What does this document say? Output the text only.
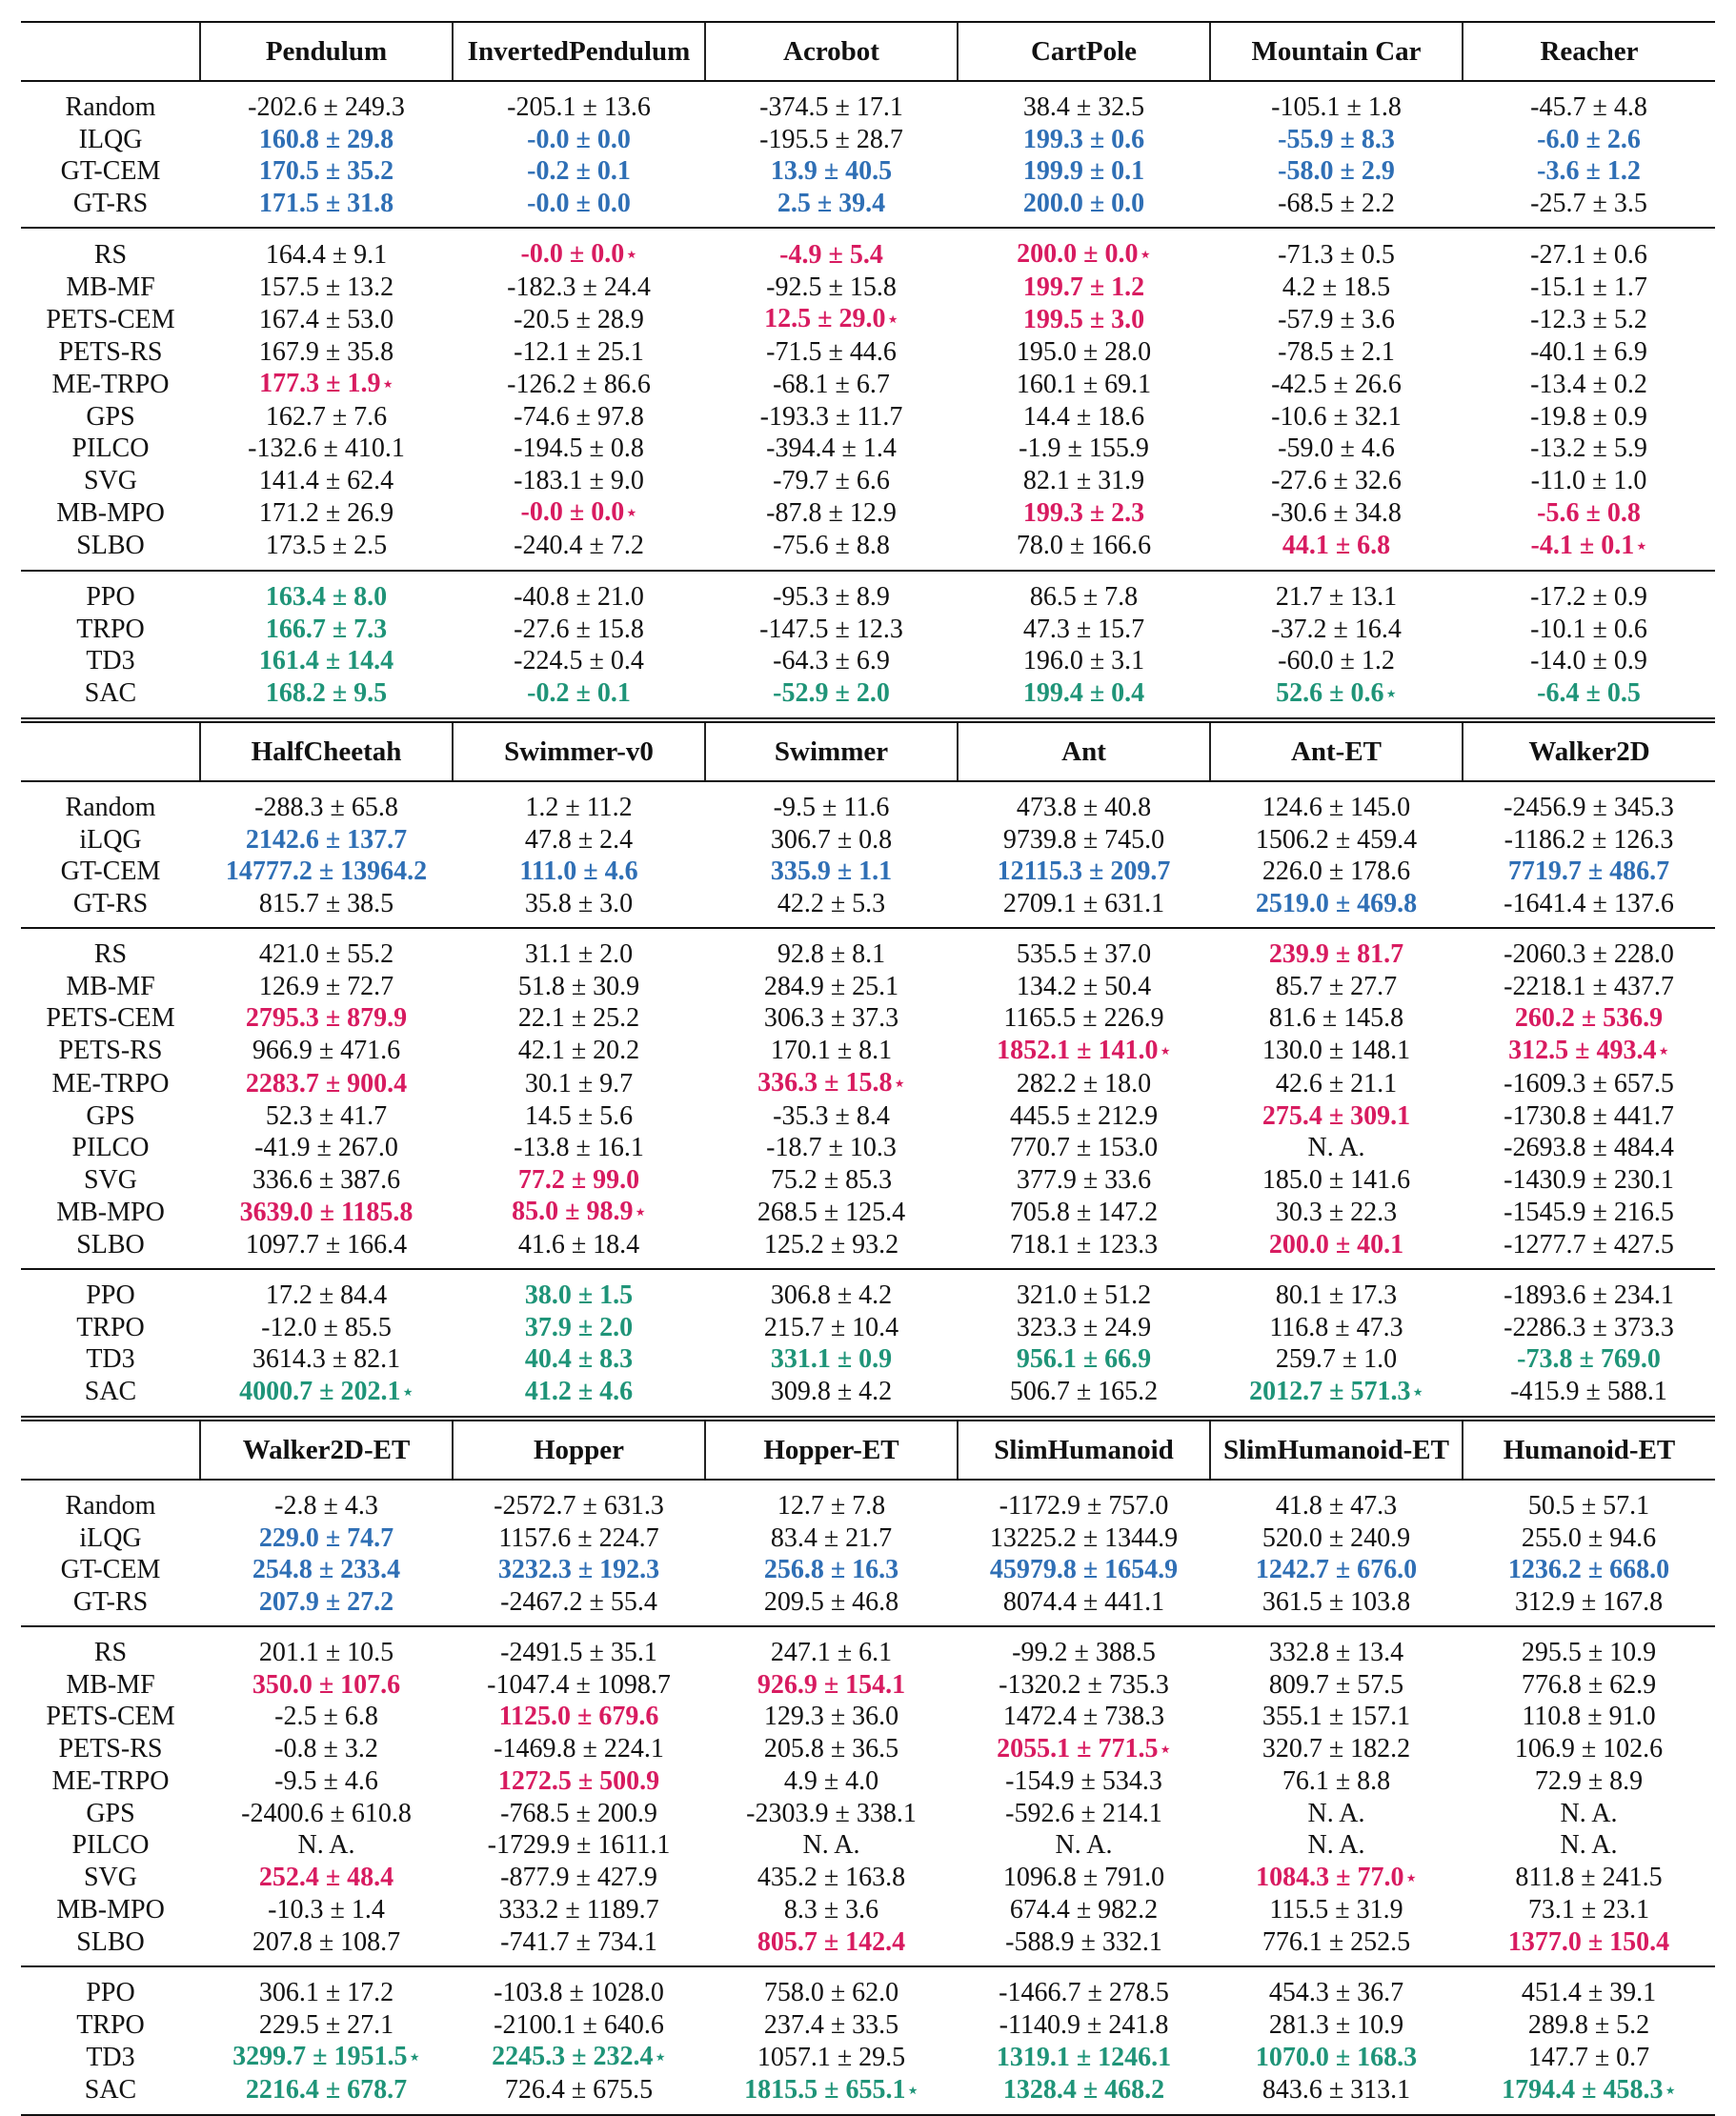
	Pendulum	InvertedPendulum	Acrobot	CartPole	Mountain Car	Reacher
Random	-202.6 ± 249.3	-205.1 ± 13.6	-374.5 ± 17.1	38.4 ± 32.5	-105.1 ± 1.8	-45.7 ± 4.8
ILQG	160.8 ± 29.8	-0.0 ± 0.0	-195.5 ± 28.7	199.3 ± 0.6	-55.9 ± 8.3	-6.0 ± 2.6
GT-CEM	170.5 ± 35.2	-0.2 ± 0.1	13.9 ± 40.5	199.9 ± 0.1	-58.0 ± 2.9	-3.6 ± 1.2
GT-RS	171.5 ± 31.8	-0.0 ± 0.0	2.5 ± 39.4	200.0 ± 0.0	-68.5 ± 2.2	-25.7 ± 3.5
RS	164.4 ± 9.1	-0.0 ± 0.0 ⋆	-4.9 ± 5.4	200.0 ± 0.0 ⋆	-71.3 ± 0.5	-27.1 ± 0.6
MB-MF	157.5 ± 13.2	-182.3 ± 24.4	-92.5 ± 15.8	199.7 ± 1.2	4.2 ± 18.5	-15.1 ± 1.7
PETS-CEM	167.4 ± 53.0	-20.5 ± 28.9	12.5 ± 29.0 ⋆	199.5 ± 3.0	-57.9 ± 3.6	-12.3 ± 5.2
PETS-RS	167.9 ± 35.8	-12.1 ± 25.1	-71.5 ± 44.6	195.0 ± 28.0	-78.5 ± 2.1	-40.1 ± 6.9
ME-TRPO	177.3 ± 1.9 ⋆	-126.2 ± 86.6	-68.1 ± 6.7	160.1 ± 69.1	-42.5 ± 26.6	-13.4 ± 0.2
GPS	162.7 ± 7.6	-74.6 ± 97.8	-193.3 ± 11.7	14.4 ± 18.6	-10.6 ± 32.1	-19.8 ± 0.9
PILCO	-132.6 ± 410.1	-194.5 ± 0.8	-394.4 ± 1.4	-1.9 ± 155.9	-59.0 ± 4.6	-13.2 ± 5.9
SVG	141.4 ± 62.4	-183.1 ± 9.0	-79.7 ± 6.6	82.1 ± 31.9	-27.6 ± 32.6	-11.0 ± 1.0
MB-MPO	171.2 ± 26.9	-0.0 ± 0.0 ⋆	-87.8 ± 12.9	199.3 ± 2.3	-30.6 ± 34.8	-5.6 ± 0.8
SLBO	173.5 ± 2.5	-240.4 ± 7.2	-75.6 ± 8.8	78.0 ± 166.6	44.1 ± 6.8	-4.1 ± 0.1 ⋆
PPO	163.4 ± 8.0	-40.8 ± 21.0	-95.3 ± 8.9	86.5 ± 7.8	21.7 ± 13.1	-17.2 ± 0.9
TRPO	166.7 ± 7.3	-27.6 ± 15.8	-147.5 ± 12.3	47.3 ± 15.7	-37.2 ± 16.4	-10.1 ± 0.6
TD3	161.4 ± 14.4	-224.5 ± 0.4	-64.3 ± 6.9	196.0 ± 3.1	-60.0 ± 1.2	-14.0 ± 0.9
SAC	168.2 ± 9.5	-0.2 ± 0.1	-52.9 ± 2.0	199.4 ± 0.4	52.6 ± 0.6 ⋆	-6.4 ± 0.5
	HalfCheetah	Swimmer-v0	Swimmer	Ant	Ant-ET	Walker2D
Random	-288.3 ± 65.8	1.2 ± 11.2	-9.5 ± 11.6	473.8 ± 40.8	124.6 ± 145.0	-2456.9 ± 345.3
iLQG	2142.6 ± 137.7	47.8 ± 2.4	306.7 ± 0.8	9739.8 ± 745.0	1506.2 ± 459.4	-1186.2 ± 126.3
GT-CEM	14777.2 ± 13964.2	111.0 ± 4.6	335.9 ± 1.1	12115.3 ± 209.7	226.0 ± 178.6	7719.7 ± 486.7
GT-RS	815.7 ± 38.5	35.8 ± 3.0	42.2 ± 5.3	2709.1 ± 631.1	2519.0 ± 469.8	-1641.4 ± 137.6
RS	421.0 ± 55.2	31.1 ± 2.0	92.8 ± 8.1	535.5 ± 37.0	239.9 ± 81.7	-2060.3 ± 228.0
MB-MF	126.9 ± 72.7	51.8 ± 30.9	284.9 ± 25.1	134.2 ± 50.4	85.7 ± 27.7	-2218.1 ± 437.7
PETS-CEM	2795.3 ± 879.9	22.1 ± 25.2	306.3 ± 37.3	1165.5 ± 226.9	81.6 ± 145.8	260.2 ± 536.9
PETS-RS	966.9 ± 471.6	42.1 ± 20.2	170.1 ± 8.1	1852.1 ± 141.0 ⋆	130.0 ± 148.1	312.5 ± 493.4 ⋆
ME-TRPO	2283.7 ± 900.4	30.1 ± 9.7	336.3 ± 15.8 ⋆	282.2 ± 18.0	42.6 ± 21.1	-1609.3 ± 657.5
GPS	52.3 ± 41.7	14.5 ± 5.6	-35.3 ± 8.4	445.5 ± 212.9	275.4 ± 309.1	-1730.8 ± 441.7
PILCO	-41.9 ± 267.0	-13.8 ± 16.1	-18.7 ± 10.3	770.7 ± 153.0	N. A.	-2693.8 ± 484.4
SVG	336.6 ± 387.6	77.2 ± 99.0	75.2 ± 85.3	377.9 ± 33.6	185.0 ± 141.6	-1430.9 ± 230.1
MB-MPO	3639.0 ± 1185.8	85.0 ± 98.9 ⋆	268.5 ± 125.4	705.8 ± 147.2	30.3 ± 22.3	-1545.9 ± 216.5
SLBO	1097.7 ± 166.4	41.6 ± 18.4	125.2 ± 93.2	718.1 ± 123.3	200.0 ± 40.1	-1277.7 ± 427.5
PPO	17.2 ± 84.4	38.0 ± 1.5	306.8 ± 4.2	321.0 ± 51.2	80.1 ± 17.3	-1893.6 ± 234.1
TRPO	-12.0 ± 85.5	37.9 ± 2.0	215.7 ± 10.4	323.3 ± 24.9	116.8 ± 47.3	-2286.3 ± 373.3
TD3	3614.3 ± 82.1	40.4 ± 8.3	331.1 ± 0.9	956.1 ± 66.9	259.7 ± 1.0	-73.8 ± 769.0
SAC	4000.7 ± 202.1 ⋆	41.2 ± 4.6	309.8 ± 4.2	506.7 ± 165.2	2012.7 ± 571.3 ⋆	-415.9 ± 588.1
	Walker2D-ET	Hopper	Hopper-ET	SlimHumanoid	SlimHumanoid-ET	Humanoid-ET
Random	-2.8 ± 4.3	-2572.7 ± 631.3	12.7 ± 7.8	-1172.9 ± 757.0	41.8 ± 47.3	50.5 ± 57.1
iLQG	229.0 ± 74.7	1157.6 ± 224.7	83.4 ± 21.7	13225.2 ± 1344.9	520.0 ± 240.9	255.0 ± 94.6
GT-CEM	254.8 ± 233.4	3232.3 ± 192.3	256.8 ± 16.3	45979.8 ± 1654.9	1242.7 ± 676.0	1236.2 ± 668.0
GT-RS	207.9 ± 27.2	-2467.2 ± 55.4	209.5 ± 46.8	8074.4 ± 441.1	361.5 ± 103.8	312.9 ± 167.8
RS	201.1 ± 10.5	-2491.5 ± 35.1	247.1 ± 6.1	-99.2 ± 388.5	332.8 ± 13.4	295.5 ± 10.9
MB-MF	350.0 ± 107.6	-1047.4 ± 1098.7	926.9 ± 154.1	-1320.2 ± 735.3	809.7 ± 57.5	776.8 ± 62.9
PETS-CEM	-2.5 ± 6.8	1125.0 ± 679.6	129.3 ± 36.0	1472.4 ± 738.3	355.1 ± 157.1	110.8 ± 91.0
PETS-RS	-0.8 ± 3.2	-1469.8 ± 224.1	205.8 ± 36.5	2055.1 ± 771.5 ⋆	320.7 ± 182.2	106.9 ± 102.6
ME-TRPO	-9.5 ± 4.6	1272.5 ± 500.9	4.9 ± 4.0	-154.9 ± 534.3	76.1 ± 8.8	72.9 ± 8.9
GPS	-2400.6 ± 610.8	-768.5 ± 200.9	-2303.9 ± 338.1	-592.6 ± 214.1	N. A.	N. A.
PILCO	N. A.	-1729.9 ± 1611.1	N. A.	N. A.	N. A.	N. A.
SVG	252.4 ± 48.4	-877.9 ± 427.9	435.2 ± 163.8	1096.8 ± 791.0	1084.3 ± 77.0 ⋆	811.8 ± 241.5
MB-MPO	-10.3 ± 1.4	333.2 ± 1189.7	8.3 ± 3.6	674.4 ± 982.2	115.5 ± 31.9	73.1 ± 23.1
SLBO	207.8 ± 108.7	-741.7 ± 734.1	805.7 ± 142.4	-588.9 ± 332.1	776.1 ± 252.5	1377.0 ± 150.4
PPO	306.1 ± 17.2	-103.8 ± 1028.0	758.0 ± 62.0	-1466.7 ± 278.5	454.3 ± 36.7	451.4 ± 39.1
TRPO	229.5 ± 27.1	-2100.1 ± 640.6	237.4 ± 33.5	-1140.9 ± 241.8	281.3 ± 10.9	289.8 ± 5.2
TD3	3299.7 ± 1951.5 ⋆	2245.3 ± 232.4 ⋆	1057.1 ± 29.5	1319.1 ± 1246.1	1070.0 ± 168.3	147.7 ± 0.7
SAC	2216.4 ± 678.7	726.4 ± 675.5	1815.5 ± 655.1 ⋆	1328.4 ± 468.2	843.6 ± 313.1	1794.4 ± 458.3 ⋆
